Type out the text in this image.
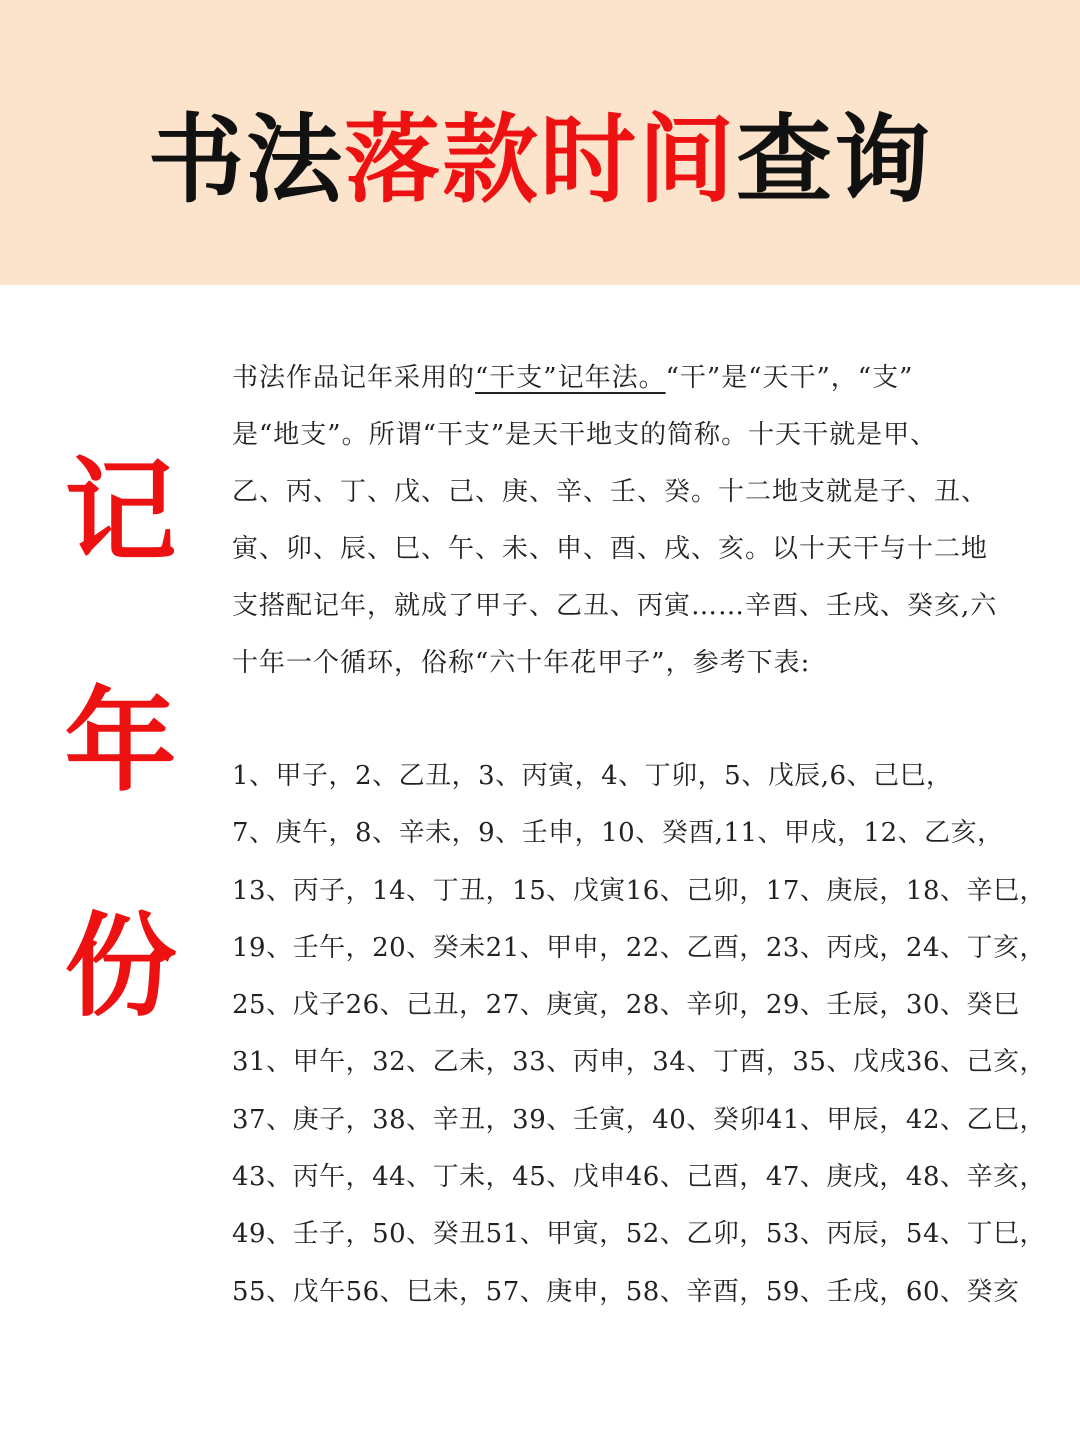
书法落款时间查询
记
年
份
书法作品记年采用的“干支”记年法。“干”是“天干”，“支”
是“地支”。所谓“干支”是天干地支的简称。十天干就是甲、
乙、丙、丁、戊、己、庚、辛、壬、癸。十二地支就是子、丑、
寅、卯、辰、巳、午、未、申、酉、戌、亥。以十天干与十二地
支搭配记年，就成了甲子、乙丑、丙寅……辛酉、壬戌、癸亥,六
十年一个循环，俗称“六十年花甲子”，参考下表:
1、甲子，2、乙丑，3、丙寅，4、丁卯，5、戊辰,6、己巳，
7、庚午，8、辛未，9、壬申，10、癸酉,11、甲戌，12、乙亥，
13、丙子，14、丁丑，15、戊寅16、己卯，17、庚辰，18、辛巳，
19、壬午，20、癸未21、甲申，22、乙酉，23、丙戌，24、丁亥，
25、戊子26、己丑，27、庚寅，28、辛卯，29、壬辰，30、癸巳
31、甲午，32、乙未，33、丙申，34、丁酉，35、戊戌36、己亥，
37、庚子，38、辛丑，39、壬寅，40、癸卯41、甲辰，42、乙巳，
43、丙午，44、丁未，45、戊申46、己酉，47、庚戌，48、辛亥，
49、壬子，50、癸丑51、甲寅，52、乙卯，53、丙辰，54、丁巳，
55、戊午56、巳未，57、庚申，58、辛酉，59、壬戌，60、癸亥
